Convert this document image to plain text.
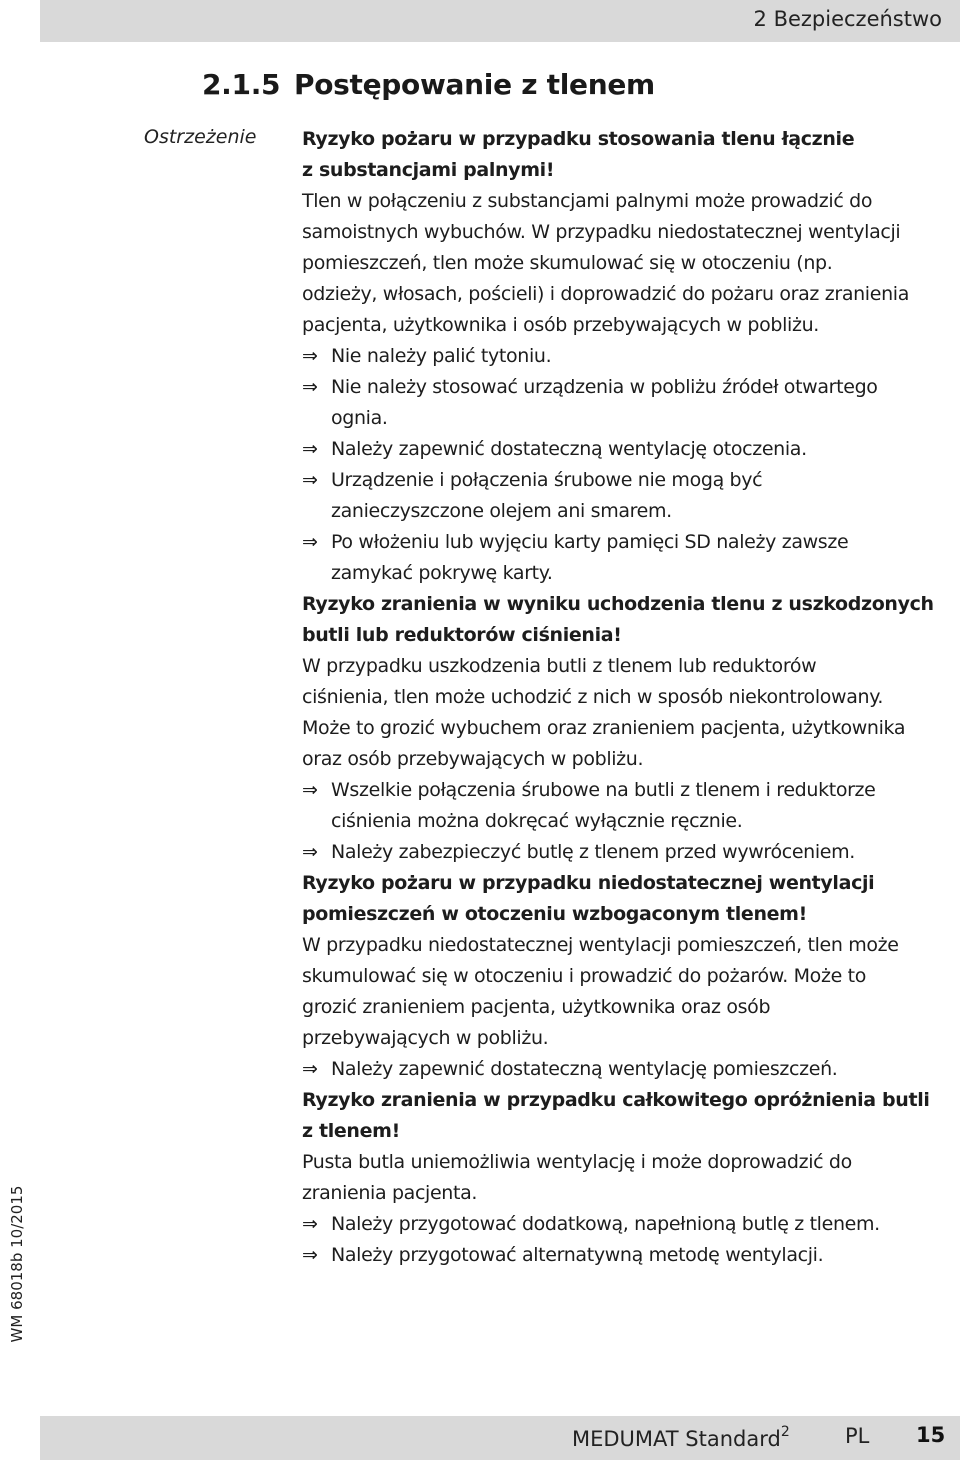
2 Bezpieczeństwo
2.1.5 Postępowanie z tlenem
Ostrzeżenie Ryzyko pożaru w przypadku stosowania tlenu łącznie
z substancjami palnymi!

Tlen w połączeniu z substancjami palnymi może prowadzić do
samoistnych wybuchów. W przypadku niedostatecznej wentylacji
pomieszczeń, tlen może skumulować się w otoczeniu (np.
odzieży, włosach, pościeli) i doprowadzić do pożaru oraz zranienia
pacjenta, użytkownika i osób przebywających w pobliżu.

⇒ Nie należy palić tytoniu.

⇒ Nie należy stosować urządzenia w pobliżu źródeł otwartego
ognia.

⇒ Należy zapewnić dostateczną wentylację otoczenia.

⇒ Urządzenie i połączenia śrubowe nie mogą być
zanieczyszczone olejem ani smarem.

⇒ Po włożeniu lub wyjęciu karty pamięci SD należy zawsze
zamykać pokrywę karty.

Ryzyko zranienia w wyniku uchodzenia tlenu z uszkodzonych
butli lub reduktorów ciśnienia!

W przypadku uszkodzenia butli z tlenem lub reduktorów
ciśnienia, tlen może uchodzić z nich w sposób niekontrolowany.
Może to grozić wybuchem oraz zranieniem pacjenta, użytkownika
oraz osób przebywających w pobliżu.

⇒ Wszelkie połączenia śrubowe na butli z tlenem i reduktorze
ciśnienia można dokręcać wyłącznie ręcznie.

⇒ Należy zabezpieczyć butlę z tlenem przed wywróceniem.

Ryzyko pożaru w przypadku niedostatecznej wentylacji
pomieszczeń w otoczeniu wzbogaconym tlenem!

W przypadku niedostatecznej wentylacji pomieszczeń, tlen może
skumulować się w otoczeniu i prowadzić do pożarów. Może to
grozić zranieniem pacjenta, użytkownika oraz osób
przebywających w pobliżu.

⇒ Należy zapewnić dostateczną wentylację pomieszczeń.

Ryzyko zranienia w przypadku całkowitego opróżnienia butli
z tlenem!

Pusta butla uniemożliwia wentylację i może doprowadzić do
zranienia pacjenta.

⇒ Należy przygotować dodatkową, napełnioną butlę z tlenem.

⇒ Należy przygotować alternatywną metodę wentylacji.

WM 68018b 10/2015
MEDUMAT Standard$^2$	PL 15
